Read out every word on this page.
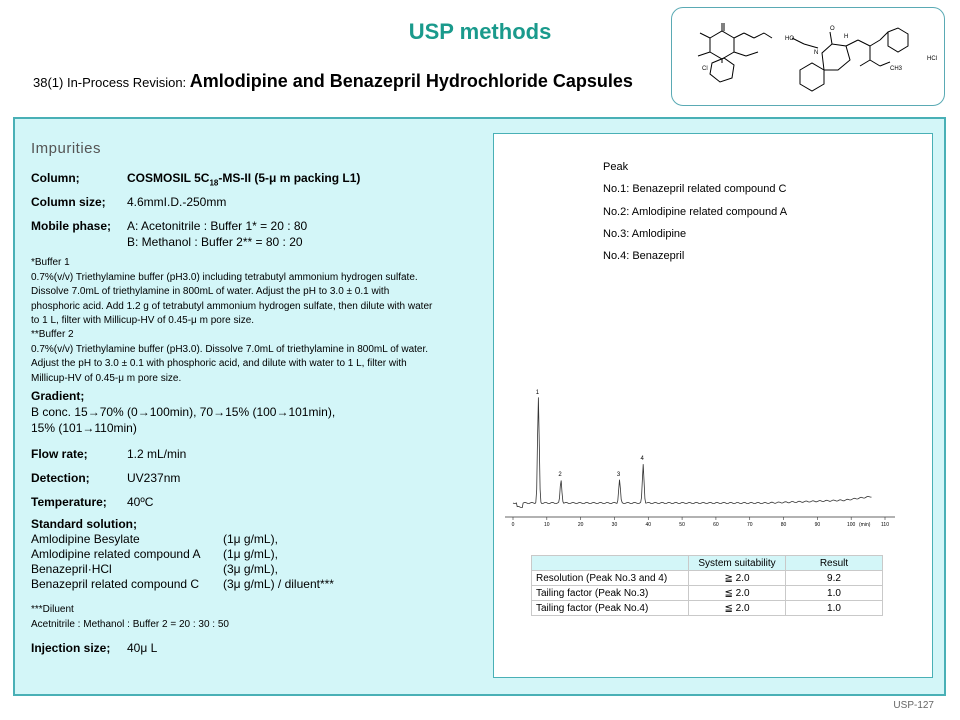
USP methods
38(1) In-Process Revision: Amlodipine and Benazepril Hydrochloride Capsules
HCl
HO	H
O
N
CH3
Cl
Impurities
Column;	COSMOSIL $5C_{18}-MS-II$ (5-μ m packing L1)
Column size; 4.6mmI.D.-250mm
Mobile phase; A: Acetonitrile : Buffer 1* = 20 : 80
B: Methanol : Buffer 2** = 80 : 20
*Buffer 1
0.7%(v/v) Triethylamine buffer (pH3.0) including tetrabutyl ammonium hydrogen sulfate.
Dissolve 7.0mL of triethylamine in 800mL of water. Adjust the pH to 3.0 ± 0.1 with
phosphoric acid. Add 1.2 g of tetrabutyl ammonium hydrogen sulfate, then dilute with water
to 1 L, filter with Millicup-HV of 0.45-μ m pore size.
**Buffer 2
0.7%(v/v) Triethylamine buffer (pH3.0). Dissolve 7.0mL of triethylamine in 800mL of water.
Adjust the pH to 3.0 ± 0.1 with phosphoric acid, and dilute with water to 1 L, filter with
Millicup-HV of 0.45-μ m pore size.
Gradient;
B conc. 15→70% (0→100min), 70→15% (100→101min),
15% (101→110min)
Flow rate;	1.2 mL/min
Detection;	UV237nm
Temperature; 40ºC
Standard solution;
Amlodipine Besylate	(1μ g/mL),
Amlodipine related compound A (1μ g/mL),
Benazepril·HCl	(3μ g/mL),
Benazepril related compound C (3μ g/mL) / diluent***
***Diluent
Acetnitrile : Methanol : Buffer 2 = 20 : 30 : 50
Injection size; 40μ L
Peak
No.1: Benazepril related compound C
No.2: Amlodipine related compound A
No.3: Amlodipine
No.4: Benazepril
0	10	20	30	40	50	60	70	80	90	100	110
(min)
1
2	3
4
	System suitability	Result
Resolution (Peak No.3 and 4)	≧ 2.0	9.2
Tailing factor (Peak No.3)	≦ 2.0	1.0
Tailing factor (Peak No.4)	≦ 2.0	1.0
USP-127
